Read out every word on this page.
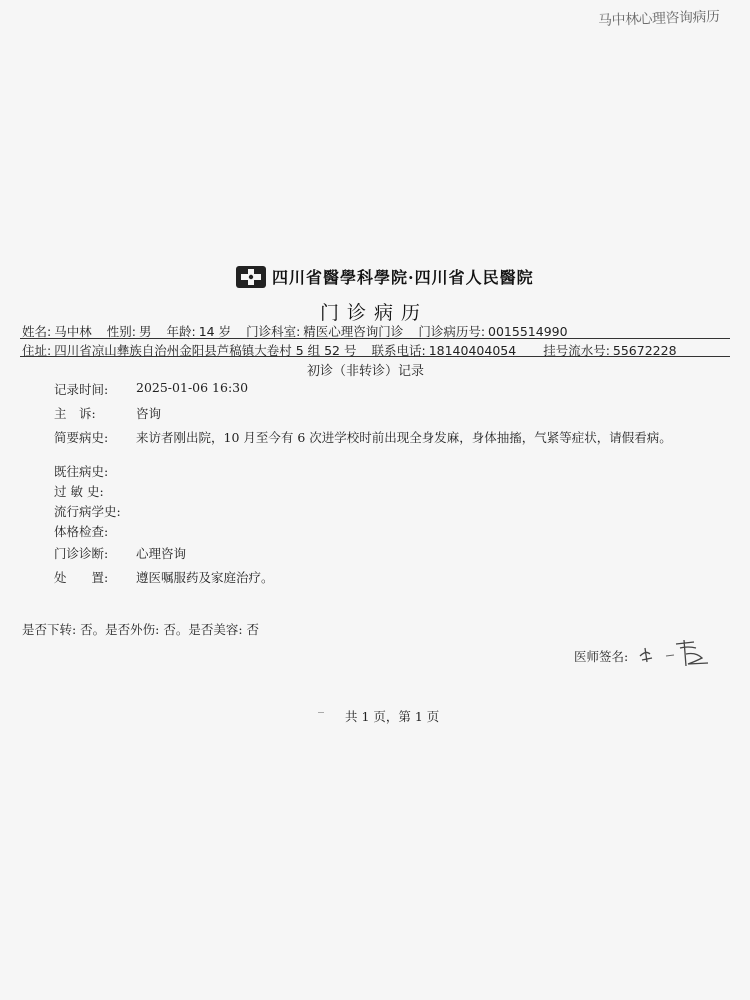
马中林心理咨询病历
四川省醫學科學院·四川省人民醫院
门诊病历
姓名: 马中林 性别: 男 年龄: 14 岁 门诊科室: 精医心理咨询门诊 门诊病历号: 0015514990
住址: 四川省凉山彝族自治州金阳县芦稿镇大卷村 5 组 52 号 联系电话: 18140404054 挂号流水号: 55672228
初诊（非转诊）记录
记录时间: 2025-01-06 16:30
主　诉:	咨询
简要病史: 来访者刚出院，10 月至今有 6 次进学校时前出现全身发麻，身体抽搐，气紧等症状，请假看病。
既往病史:
过 敏 史:
流行病学史:
体格检查:
门诊诊断: 心理咨询
处　　置: 遵医嘱服药及家庭治疗。
是否下转: 否。是否外伤: 否。是否美容: 否
医师签名:
共 1 页，第 1 页
